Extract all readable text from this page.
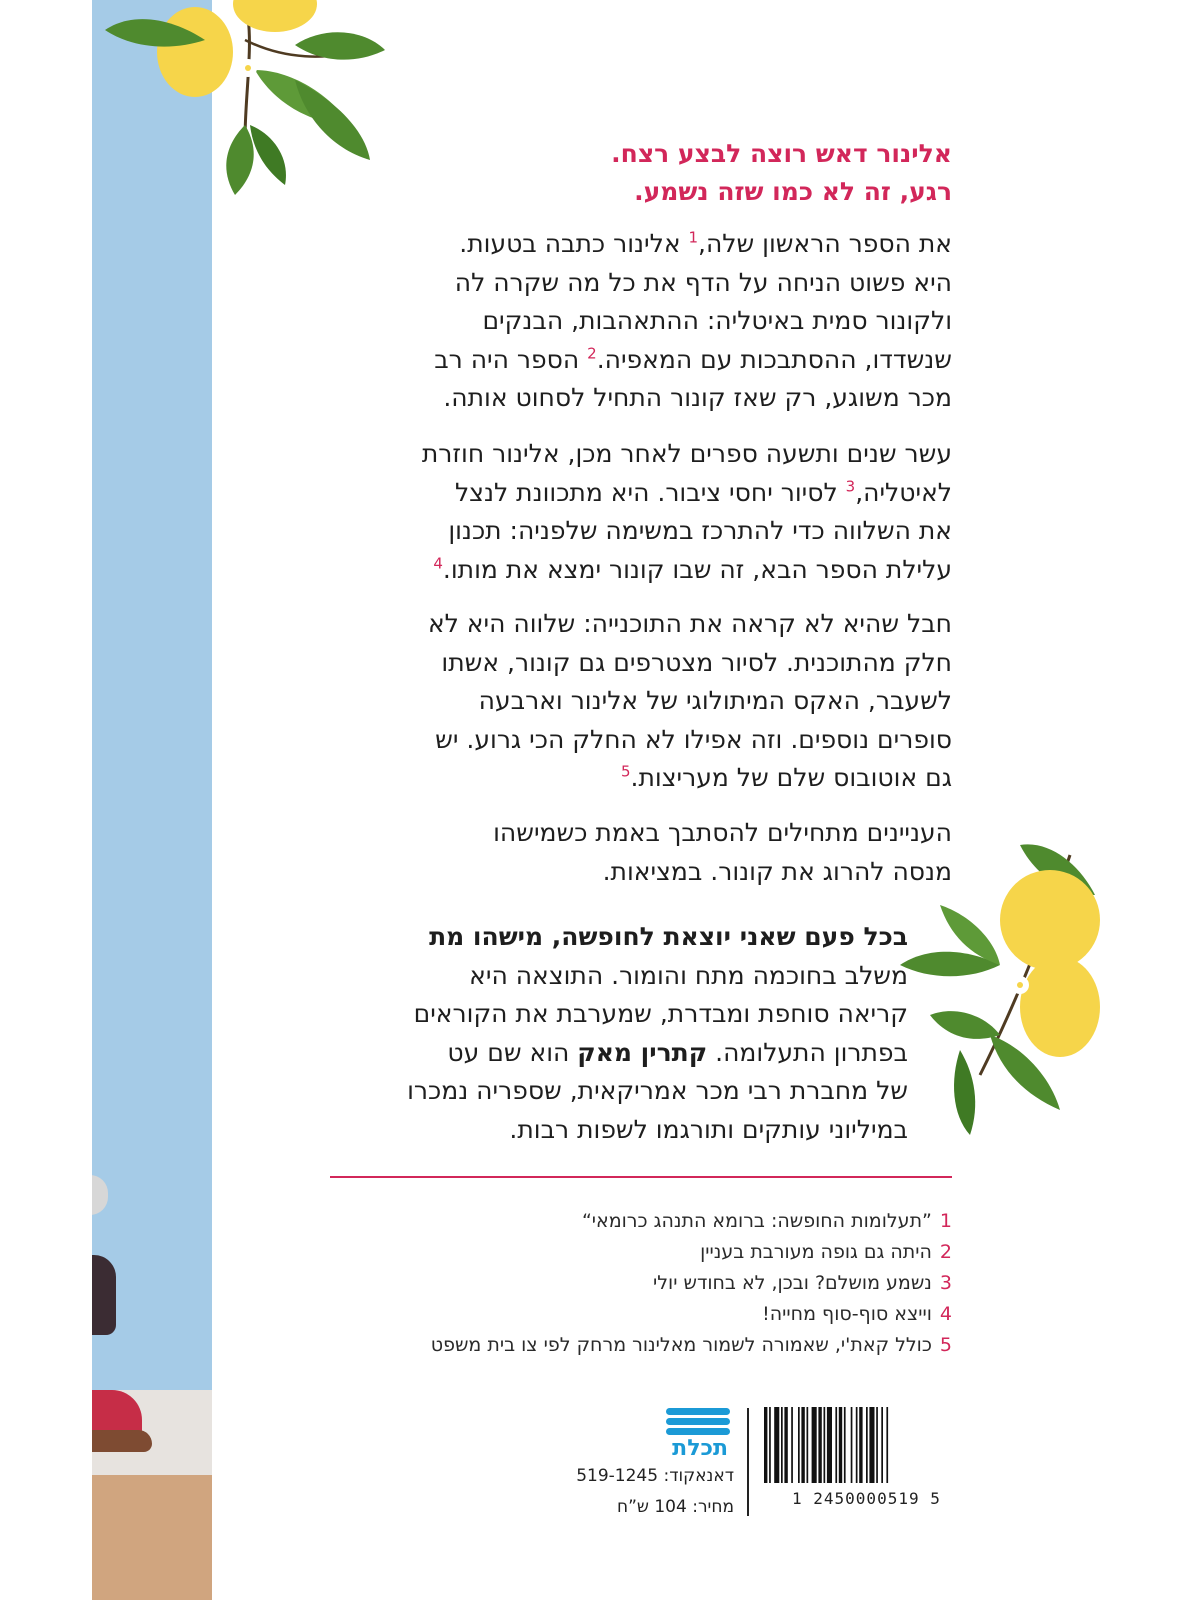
אלינור דאש רוצה לבצע רצח.
רגע, זה לא כמו שזה נשמע.
את הספר הראשון שלה,$^1$ אלינור כתבה בטעות.
היא פשוט הניחה על הדף את כל מה שקרה לה
ולקונור סמית באיטליה: ההתאהבות, הבנקים
שנשדדו, ההסתבכות עם המאפיה.$^2$ הספר היה רב
מכר משוגע, רק שאז קונור התחיל לסחוט אותה.
עשר שנים ותשעה ספרים לאחר מכן, אלינור חוזרת
לאיטליה,$^3$ לסיור יחסי ציבור. היא מתכוונת לנצל
את השלווה כדי להתרכז במשימה שלפניה: תכנון
עלילת הספר הבא, זה שבו קונור ימצא את מותו.$^4$
חבל שהיא לא קראה את התוכנייה: שלווה היא לא
חלק מהתוכנית. לסיור מצטרפים גם קונור, אשתו
לשעבר, האקס המיתולוגי של אלינור וארבעה
סופרים נוספים. וזה אפילו לא החלק הכי גרוע. יש
גם אוטובוס שלם של מעריצות.$^5$
העניינים מתחילים להסתבך באמת כשמישהו
מנסה להרוג את קונור. במציאות.
בכל פעם שאני יוצאת לחופשה, מישהו מת
משלב בחוכמה מתח והומור. התוצאה היא
קריאה סוחפת ומבדרת, שמערבת את הקוראים
בפתרון התעלומה. קתרין מאק הוא שם עט
של מחברת רבי מכר אמריקאית, שספריה נמכרו
במיליוני עותקים ותורגמו לשפות רבות.
1”תעלומות החופשה: ברומא התנהג כרומאי“
2היתה גם גופה מעורבת בעניין
3נשמע מושלם? ובכן, לא בחודש יולי
4וייצא סוף-סוף מחייה!
5כולל קאת'י, שאמורה לשמור מאלינור מרחק לפי צו בית משפט
1 2450000519 5
תכלת
דאנאקוד: 519-1245
מחיר: 104 ש”ח
